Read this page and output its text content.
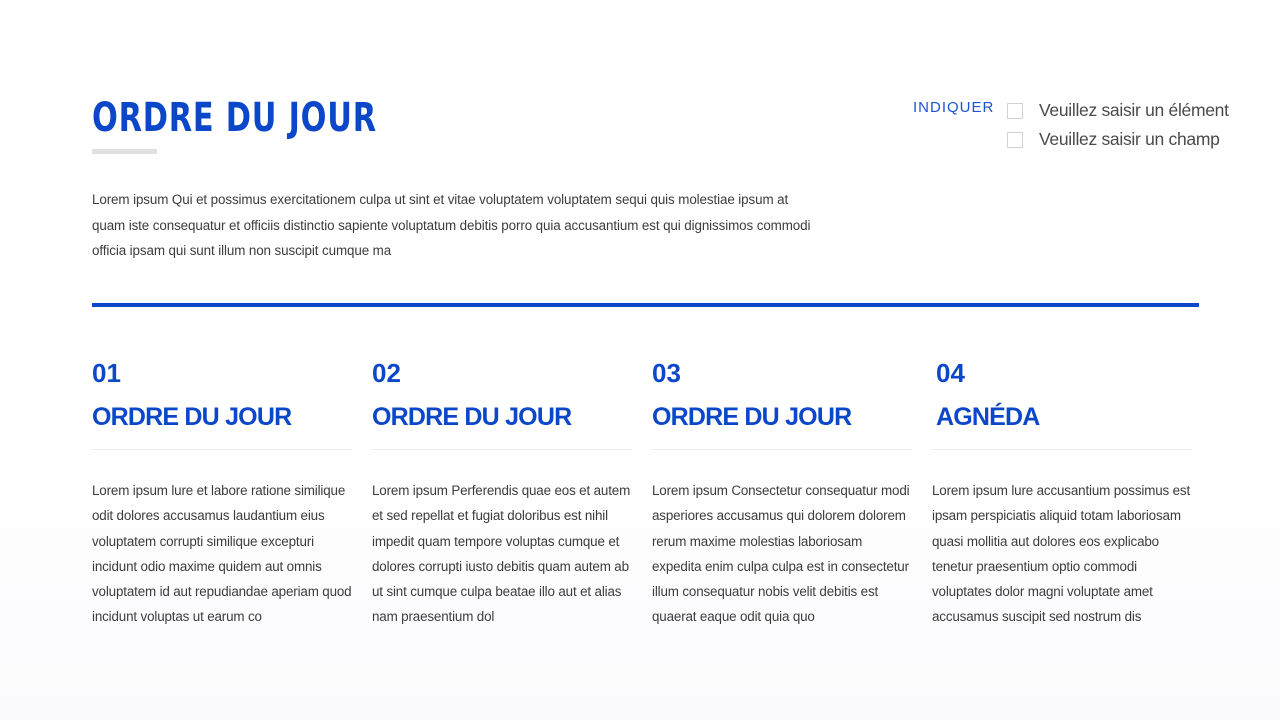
ORDRE DU JOUR

Lorem ipsum Qui et possimus exercitationem culpa ut sint et vitae voluptatem voluptatem sequi quis molestiae ipsum at quam iste consequatur et officiis distinctio sapiente voluptatum debitis porro quia accusantium est qui dignissimos commodi officia ipsam qui sunt illum non suscipit cumque ma

INDIQUER	Veuillez saisir un élément
Veuillez saisir un champ
01
ORDRE DU JOUR

Lorem ipsum lure et labore ratione similique odit dolores accusamus laudantium eius voluptatem corrupti similique excepturi incidunt odio maxime quidem aut omnis voluptatem id aut repudiandae aperiam quod incidunt voluptas ut earum co

02
ORDRE DU JOUR

Lorem ipsum Perferendis quae eos et autem et sed repellat et fugiat doloribus est nihil impedit quam tempore voluptas cumque et dolores corrupti iusto debitis quam autem ab ut sint cumque culpa beatae illo aut et alias nam praesentium dol

03
ORDRE DU JOUR

Lorem ipsum Consectetur consequatur modi asperiores accusamus qui dolorem dolorem rerum maxime molestias laboriosam expedita enim culpa culpa est in consectetur illum consequatur nobis velit debitis est quaerat eaque odit quia quo

04
AGNÉDA

Lorem ipsum lure accusantium possimus est ipsam perspiciatis aliquid totam laboriosam quasi mollitia aut dolores eos explicabo tenetur praesentium optio commodi voluptates dolor magni voluptate amet accusamus suscipit sed nostrum dis
